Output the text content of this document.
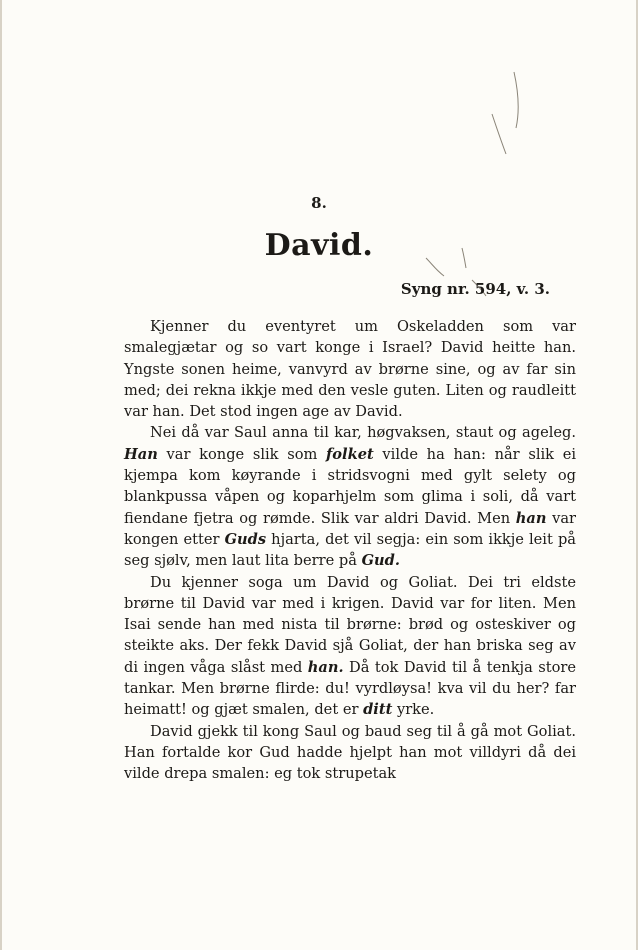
8.
David.
Syng nr. 594, v. 3.

Kjenner du eventyret um Oskeladden som var smalegjætar og so vart konge i Israel? David heitte han. Yngste sonen heime, vanvyrd av brørne sine, og av far sin med; dei rekna ikkje med den vesle guten. Liten og raudleitt var han. Det stod ingen age av David.

Nei då var Saul anna til kar, høgvaksen, staut og ageleg. Han var konge slik som folket vilde ha han: når slik ei kjempa kom køyrande i stridsvogni med gylt selety og blankpussa våpen og koparhjelm som glima i soli, då vart fiendane fjetra og rømde. Slik var aldri David. Men han var kongen etter Guds hjarta, det vil segja: ein som ikkje leit på seg sjølv, men laut lita berre på Gud.

Du kjenner soga um David og Goliat. Dei tri eldste brørne til David var med i krigen. David var for liten. Men Isai sende han med nista til brørne: brød og osteskiver og steikte aks. Der fekk David sjå Goliat, der han briska seg av di ingen våga slåst med han. Då tok David til å tenkja store tankar. Men brørne flirde: du! vyrdløysa! kva vil du her? far heimatt! og gjæt smalen, det er ditt yrke.

David gjekk til kong Saul og baud seg til å gå mot Goliat. Han fortalde kor Gud hadde hjelpt han mot villdyri då dei vilde drepa smalen: eg tok strupetak
